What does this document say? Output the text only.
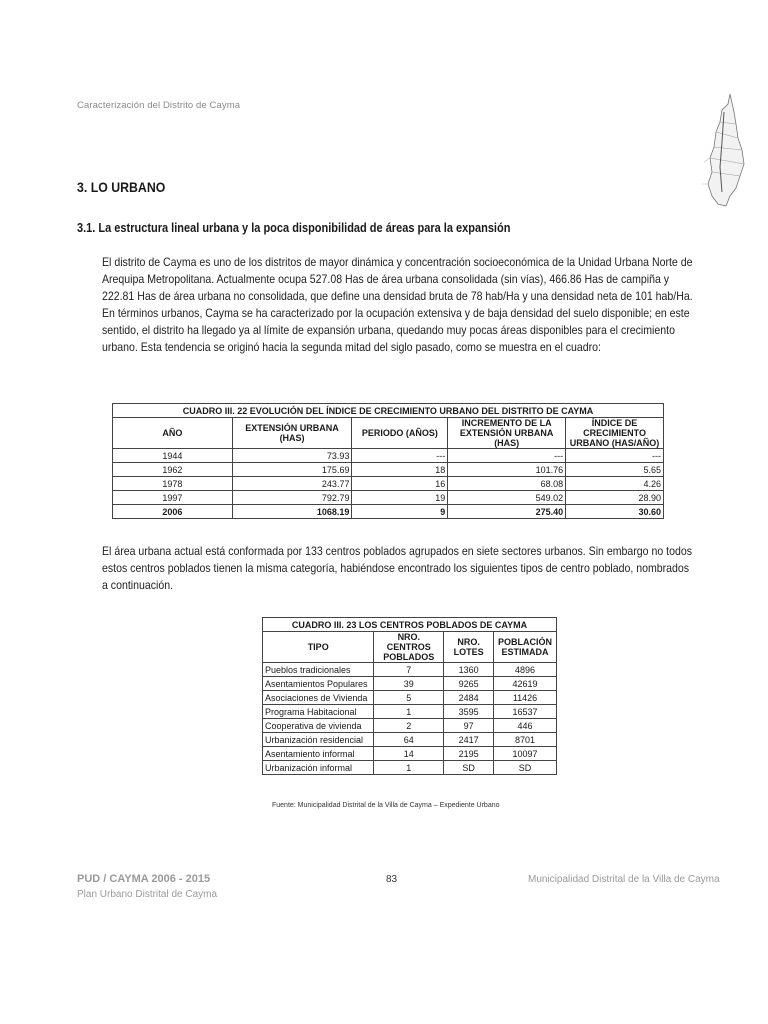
Caracterización del Distrito de Cayma
3. LO URBANO
3.1. La estructura lineal urbana y la poca disponibilidad de áreas para la expansión

El distrito de Cayma es uno de los distritos de mayor dinámica y concentración socioeconómica de la Unidad Urbana Norte de Arequipa Metropolitana. Actualmente ocupa 527.08 Has de área urbana consolidada (sin vías), 466.86 Has de campiña y 222.81 Has de área urbana no consolidada, que define una densidad bruta de 78 hab/Ha y una densidad neta de 101 hab/Ha.

En términos urbanos, Cayma se ha caracterizado por la ocupación extensiva y de baja densidad del suelo disponible; en este sentido, el distrito ha llegado ya al límite de expansión urbana, quedando muy pocas áreas disponibles para el crecimiento urbano. Esta tendencia se originó hacia la segunda mitad del siglo pasado, como se muestra en el cuadro:

CUADRO III. 22 EVOLUCIÓN DEL ÍNDICE DE CRECIMIENTO URBANO DEL DISTRITO DE CAYMA				
AÑO	EXTENSIÓN URBANA (HAS)	PERIODO (AÑOS)	INCREMENTO DE LA EXTENSIÓN URBANA (HAS)	ÍNDICE DE CRECIMIENTO URBANO (HAS/AÑO)
1944	73.93	---	---	---
1962	175.69	18	101.76	5.65
1978	243.77	16	68.08	4.26
1997	792.79	19	549.02	28.90
2006	1068.19	9	275.40	30.60
El área urbana actual está conformada por 133 centros poblados agrupados en siete sectores urbanos. Sin embargo no todos estos centros poblados tienen la misma categoría, habiéndose encontrado los siguientes tipos de centro poblado, nombrados a continuación.
CUADRO III. 23 LOS CENTROS POBLADOS DE CAYMA			
TIPO	NRO. CENTROS POBLADOS	NRO. LOTES	POBLACIÓN ESTIMADA
Pueblos tradicionales	7	1360	4896
Asentamientos Populares	39	9265	42619
Asociaciones de Vivienda	5	2484	11426
Programa Habitacional	1	3595	16537
Cooperativa de vivienda	2	97	446
Urbanización residencial	64	2417	8701
Asentamiento informal	14	2195	10097
Urbanización informal	1	SD	SD
Fuente: Municipalidad Distrital de la Villa de Cayma – Expediente Urbano
PUD / CAYMA 2006 - 2015
Plan Urbano Distrital de Cayma
83	Municipalidad Distrital de la Villa de Cayma
